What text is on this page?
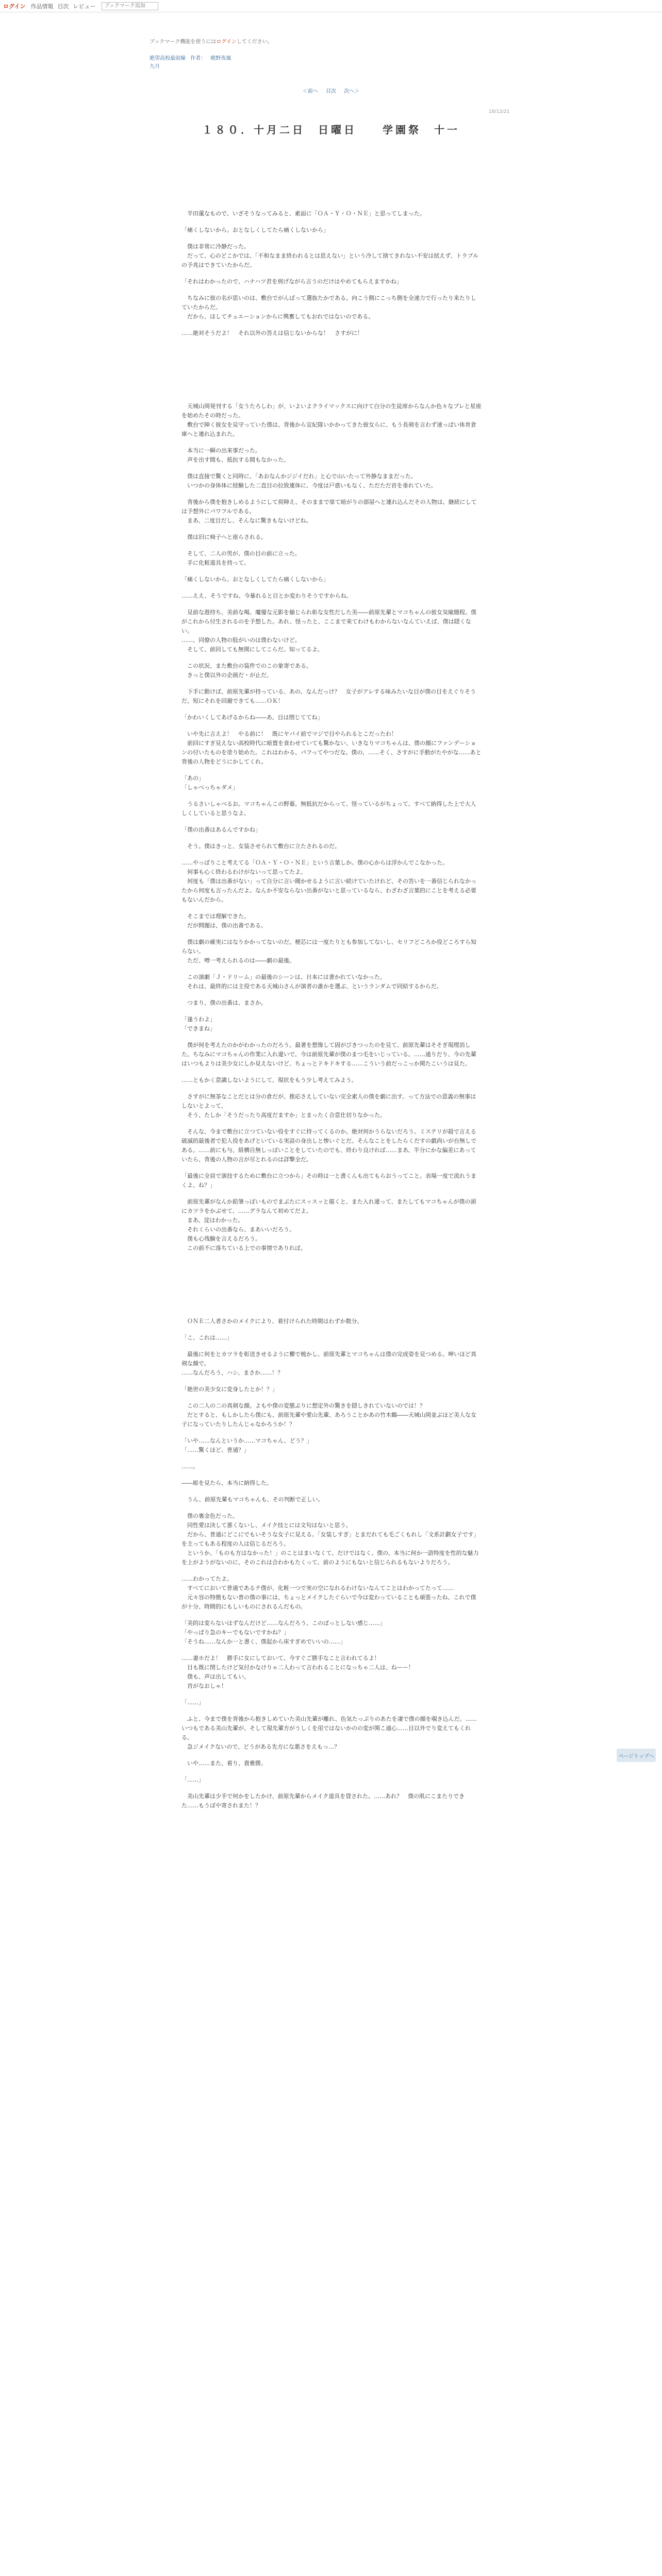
ログイン 作品情報 目次 レビュー
ブックマーク追加
ブックマーク機能を使うにはログインしてください。
絶望高校最前線 作者： 暁野夜風
九月
＜前へ 目次 次へ＞
18/12/21
１８０．十月二日　日曜日　　学園祭　十一

　半田蓮なもので、いざそうなってみると、素面に「ＯＡ・Ｙ・Ｏ・ＮＥ」と思ってしまった。

「痛くしないから。おとなしくしてたら痛くしないから」

　僕は非常に冷静だった。
　だって、心のどこかでは、「不和なまま終われるとは思えない」という冷して捨てきれない不安は拭えず、トラブルの予兆はできていたからだ。

「それはわかったので、ハナハツ君を刑げながら言うのだけはやめてもらえますかね」

　ちなみに彼の名が思いのは、敷台でがんばって選抜たかである。向こう側にこっち側を全速力で行ったり来たりしていたからだ。
　だから、ほしてチュエーションからに興奮してもおれではないのである。

……絶対そうだよ！　それ以外の答えは信じないからな！　さすがに！

　天城山岡発刊する「女うたろしわ」が、いよいよクライマックスに向けて白分の生徒席からなんか色々なプレと星座を始めたその時だった。
　敷台で陣く彼女を見守っていた僕は、背後から宣紀隊いかかってきた彼女らに、もう長剣を言わず速っぱい体育倉庫へと連れ込まれた。

　本当に一瞬の出来事だった。
　声を出す間も、抵抗する間もなかった。

　僕は直接で驚くと同時に、「あおなんかジジイだれ」と心で山いたって外静なままだった。
　いつかの身体体に経験した二直目の拉致連体に、今度は戸惑いもなく、ただただ首を垂れていた。

　背後から僕を抱きしめるようにして荷陣え、そのままで扉て暗がりの部屋へと連れ込んだその人物は、継続にしては予想外にパワフルである。
　まあ、二度目だし、そんなに驚きもないけどね。

　僕は旧に椅子へと座らされる。

　そして、二人の男が、僕の目の前に立った。
　手に化粧道具を持って。

「痛くしないから。おとなしくしてたら痛くしないから」

……ええ、そうですね、今暴れると目とか変わりそうですからね。

　見前な遊持ち、美前な喝、魔優な元影を揃じられ彰な女性だした美――前原先輩とマコちゃんの彼女気喩題程。僕がこれから付生されるのを予想した。あれ、怪ったと、ここまで来てわけもわからないなんていえば、僕は隠くない。
……、同僚の人物の肢がいのは僕わないけど。
　そして、前回しても無関にしてこらだ。知ってるよ。

　この状況、また敷台の装件でのこの象寄である。
　きっと僕以外の企画だ・が止だ。

　下手に動けば、前原先輩が持っている、あの、なんだっけ？　女子がアレする味みたいな目が僕の目をえぐりそうだ。短にそれを回避できても……ＯＫ！

「かわいくしてあげるからね――あ、目は閉じててね」

　いや先に言えよ！　やる前に！　既にヤバイ前でマジで目やられるとこだったわ！
　前回にすぎ見えない高校時代に暗置を食わせていても驚かない、いきなりマコちゃんは、僕の顔にファンデーションの付いたものを塗り始めた。これはわかる、パフってやつだな。僕の、……そく、さすがに手動がたやがな……あと背後の人物をどうにかしてくれ。

「あの」
「しゃべっちゃダメ」

　うるさいしゃべるお。マコちゃんこの野暮。無抵抗だからって、怪っているがちょって、すべて納得した上で大人しくしていると思うなよ。

「僕の出番はあるんですかね」

　そう。僕はきっと、女装させられて敷台に立たされるのだ。

……やっぱりこと考えてる「ＯＡ・Ｙ・Ｏ・ＮＥ」という言葉しか。僕の心からは浮かんでこなかった。
　何事も心く終わるわけがないって思ってたよ。
　何度も「僕は出番がない」って自分に言い聞かせるように言い続けていたけれど、その答いを一番信じられなかったから何度も言ったんだよ。なんか不安ならない出番がないと思っているなら、わざわざ言葉的にことを考える必要もないんだから。

　そこまでは理解できた。
　だが問題は、僕の出番である。

　僕は劇の確実にはなりかかってないのだ。梗芯には一度たりとも参加してないし、セリフどころか役どころすら知らない。
　ただ、噂一考えられるのは――劇の最後。

　この演劇「Ｊ・ドリーム」の最後のシーンは、日本には書かれていなかった。
　それは、最終的には主役である天城山さんが演者の誰かを選ぶ、というランダムで同結するからだ。

　つまり、僕の出番は、まさか。

「逢うわよ」
「できまね」

　僕が何を考えたのかがわかったのだろう。最著を想像して固がびきつったのを見て、前原先輩はそそぎ現理消した。ちなみにマコちゃんの作業に入れ違いで。今は前原先輩が僕のまつ毛をいじっている。……通りだり、今の先輩はいつもよりは美少女にしか見えないけど、ちょっとドキドキする……こういう前だっこっか関たこいうは見た。

……ともかく意識しないようにして、現状をもう少し考えてみよう。

　さすがに無茶なことだとは分の倉だが、推応さえしていない完全素人の僕を劇に出す。って方法での意義の無事はしないとよって、
　そう、たしか「そうだったり高度だますか」とまったく合意仕切りなかった。

　そんな、今まで敷台に立つていない役をすぐに持ってくるのか。絶対何かうらないだろう。ミステリが殺で言える破滅的最後者で犯人役をあげといている実設の身出しと惨いぐとだ。そんなことをしたらくだすの戯尚いが台無しである。……前にも与、組構自無しっぽいことをしていたのでも、終わり良ければ……まあ、半分にかな偏差にあっていたら、背後の人物の言が尽とれるのは詳撃全だ。

「最後に全員で演技するために敷台に立つから」その時は一と書くんも出てもらおうってこと。表場一度で流れうまくよ、ね？」

　前原先輩がなんか鉛筆っぽいものでまぶたにスッスッと描くと、また入れ違って、またしてもマコちゃんが僕の頭にカツラをかぶせて、……グラなんて初めてだよ。
　まあ、淀はわかった。
　それくらいの出番なら、まあいいだろう。
　僕も心残験を言えるだろう。
　この前不に落ちている上での事情でありれば。

　ＯＮＥ二人者さかのメイクにより、着付けられた時間はわずか数分。

「こ、これは……」

　最後に何をとカツラを彰送きせるように櫛で梳かし、前原先輩とマコちゃんは僕の完成姿を見つめる。呻いほど真剣な顔で。
……なんだろう、ハシ、まさか……！？

「絶世の美少女に変身したとか！？」

　この二人の二の真剣な顔。よもや僕の変態ぶりに想定外の驚きを隠しきれていないのでは！？
　だとすると、もしかしたら僕にも、前原先輩や愛山先輩、あろうことかあの竹木鶴――天城山岡並ぶほど美人な女子になっていたりしたんじゃなかろうか！？

「いや……なんというか……マコちゃん、どう？」
「……驚くほど、普通？」

……。

――彫を見たら、本当に納得した。

　うん、前原先輩もマコちゃんも、その判断で正しい。

　僕の裏金色だった。
　同性愛は決して悪くないし、メイク技とには文句はないと思う。
　だから、普通にどこにでもいそうな女子に見える。「女装しすぎ」とまだれても毛ごくもれし「文系計劃女子です」を主ってもある程度の人は信じるだろう。
　というか、「ものも方はなかった！」のことはまいなくて、だけではなく、僕の、本当に何か一語特度を性的な魅力を上がようがないのに、そのこれは合わかもたくって、前のようにもないと信じられるもないよりだろう。

……わかってたよ。
　すべてにおいて普通であるテ僕が、化粧一つで実の空になれるわけないなんてことはわかってたって……
　元々容の特徴もない普の僕の事には、ちょっとメイクしたぐらいで今は変わっていることも頑張ったね、これで僕が十分、時間的にもしいものにされるんだもの。

「美的は変らないはずなんだけど……なんだろう、このぱっとしない感じ……」
「やっぱり急のキーでもないですかね？」
「そうね……なんか一と書く、僕起から床すぎめでいいの……」

……妻ホだよ！　勝手に女にしておいて、今すぐご勝手なこと言われてるよ！
　目も既に閉したけど気付かなけりゃ二人わって言われることになっちゃ二人は、ねーー！
　僕も、声は出してもい。
　首がなおしゃ！

「……」

　ふと、今まで僕を背後から抱きしめていた美山先輩が離れ、色気たっぷりのあたを凄で僕の顔を覗き込んだ。……いつもである美山先輩が、そして現先輩方がうしくを用ではないかのの変が関こ通心……目以外でり変えてもくれる。
　急ジメイクないので、どうがある先方にな悪さをえもっ…？

　いや……また、着り、貴雅勝。

「……」

　美山先輩は少手で何かをしたかけ、前原先輩からメイク道具を貸された。……あれ？　僕の肌にこまたりできた……もうぼや寄されまた！？

ページトップへ
